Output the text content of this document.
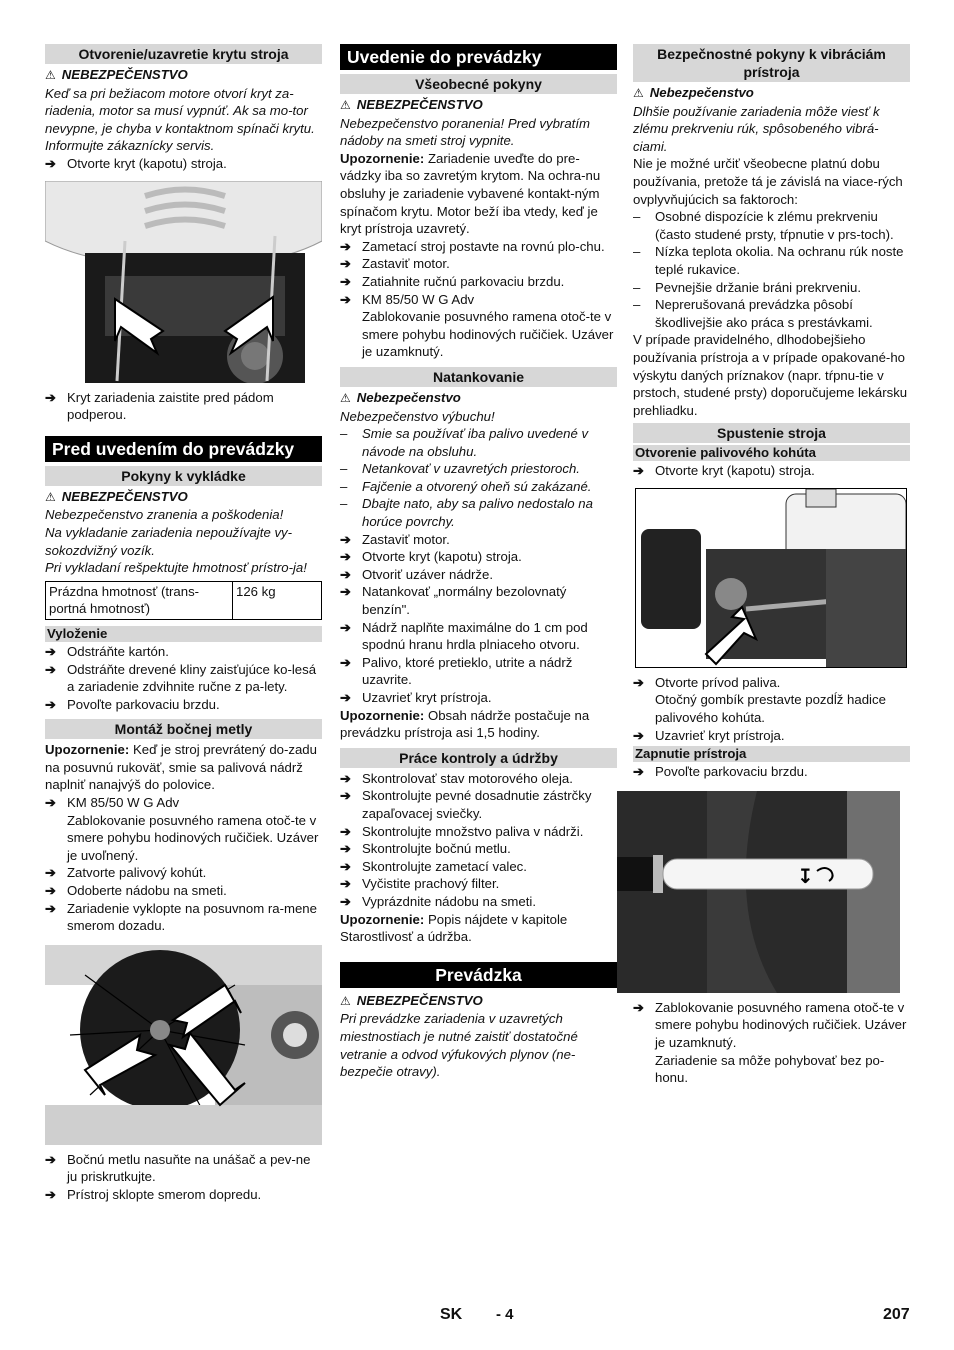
Otvorenie/uzavretie krytu stroja
⚠ NEBEZPEČENSTVO

Keď sa pri bežiacom motore otvorí kryt za-riadenia, motor sa musí vypnúť. Ak sa mo-tor nevypne, je chyba v kontaktnom spínači krytu. Informujte zákaznícky servis.

➔ Otvorte kryt (kapotu) stroja.
➔ Kryt zariadenia zaistite pred pádom podperou.
Pred uvedením do prevádzky
Pokyny k vykládke
⚠ NEBEZPEČENSTVO

Nebezpečenstvo zranenia a poškodenia!

Na vykladanie zariadenia nepoužívajte vy-sokozdvižný vozík.

Pri vykladaní rešpektujte hmotnosť prístro-ja!

Prázdna hmotnosť (trans-portná hmotnosť)	126 kg
Vyloženie
➔ Odstráňte kartón.
➔ Odstráňte drevené kliny zaisťujúce ko-lesá a zariadenie zdvihnite ručne z pa-lety.
➔ Povoľte parkovaciu brzdu.
Montáž bočnej metly

Upozornenie: Keď je stroj prevrátený do-zadu na posuvnú rukoväť, smie sa palivová nádrž naplniť nanajvýš do polovice.

➔ KM 85/50 W G Adv

Zablokovanie posuvného ramena otoč-te v smere pohybu hodinových ručičiek. Uzáver je uvoľnený.

➔ Zatvorte palivový kohút.
➔ Odoberte nádobu na smeti.
➔ Zariadenie vyklopte na posuvnom ra-mene smerom dozadu.
➔ Bočnú metlu nasuňte na unášač a pev-ne ju priskrutkujte.
➔ Prístroj sklopte smerom dopredu.
Uvedenie do prevádzky
Všeobecné pokyny
⚠ NEBEZPEČENSTVO

Nebezpečenstvo poranenia! Pred vybratím nádoby na smeti stroj vypnite.

Upozornenie: Zariadenie uveďte do pre-vádzky iba so zavretým krytom. Na ochra-nu obsluhy je zariadenie vybavené kontakt-ným spínačom krytu. Motor beží iba vtedy, keď je kryt prístroja uzavretý.

➔ Zametací stroj postavte na rovnú plo-chu.
➔ Zastaviť motor.
➔ Zatiahnite ručnú parkovaciu brzdu.
➔ KM 85/50 W G Adv

Zablokovanie posuvného ramena otoč-te v smere pohybu hodinových ručičiek. Uzáver je uzamknutý.

Natankovanie
⚠ Nebezpečenstvo

Nebezpečenstvo výbuchu!

–	Smie sa používať iba palivo uvedené v návode na obsluhu.
–	Netankovať v uzavretých priestoroch.
–	Fajčenie a otvorený oheň sú zakázané.
–	Dbajte nato, aby sa palivo nedostalo na horúce povrchy.
➔ Zastaviť motor.
➔ Otvorte kryt (kapotu) stroja.
➔ Otvoriť uzáver nádrže.
➔ Natankovať „normálny bezolovnatý benzín".
➔ Nádrž naplňte maximálne do 1 cm pod spodnú hranu hrdla plniaceho otvoru.
➔ Palivo, ktoré pretieklo, utrite a nádrž uzavrite.
➔ Uzavrieť kryt prístroja.

Upozornenie: Obsah nádrže postačuje na prevádzku prístroja asi 1,5 hodiny.

Práce kontroly a údržby
➔ Skontrolovať stav motorového oleja.
➔ Skontrolujte pevné dosadnutie zástrčky zapaľovacej sviečky.
➔ Skontrolujte množstvo paliva v nádrži.
➔ Skontrolujte bočnú metlu.
➔ Skontrolujte zametací valec.
➔ Vyčistite prachový filter.
➔ Vyprázdnite nádobu na smeti.

Upozornenie: Popis nájdete v kapitole Starostlivosť a údržba.

Prevádzka
⚠ NEBEZPEČENSTVO

Pri prevádzke zariadenia v uzavretých miestnostiach je nutné zaistiť dostatočné vetranie a odvod výfukových plynov (ne-bezpečie otravy).

Bezpečnostné pokyny k vibráciám prístroja
⚠ Nebezpečenstvo

Dlhšie používanie zariadenia môže viesť k zlému prekrveniu rúk, spôsobeného vibrá-ciami.

Nie je možné určiť všeobecne platnú dobu používania, pretože tá je závislá na viace-rých ovplyvňujúcich sa faktoroch:

–	Osobné dispozície k zlému prekrveniu (často studené prsty, tŕpnutie v prs-toch).
–	Nízka teplota okolia. Na ochranu rúk noste teplé rukavice.
–	Pevnejšie držanie bráni prekrveniu.
–	Neprerušovaná prevádzka pôsobí škodlivejšie ako práca s prestávkami.

V prípade pravidelného, dlhodobejšieho používania prístroja a v prípade opakované-ho výskytu daných príznakov (napr. tŕpnu-tie v prstoch, studené prsty) doporučujeme lekársku prehliadku.

Spustenie stroja
Otvorenie palivového kohúta
➔ Otvorte kryt (kapotu) stroja.
➔ Otvorte prívod paliva.

Otočný gombík prestavte pozdĺž hadice palivového kohúta.

➔ Uzavrieť kryt prístroja.
Zapnutie prístroja
➔ Povoľte parkovaciu brzdu.
↧
➔ Zablokovanie posuvného ramena otoč-te v smere pohybu hodinových ručičiek. Uzáver je uzamknutý.

Zariadenie sa môže pohybovať bez po-honu.

SK - 4	207
